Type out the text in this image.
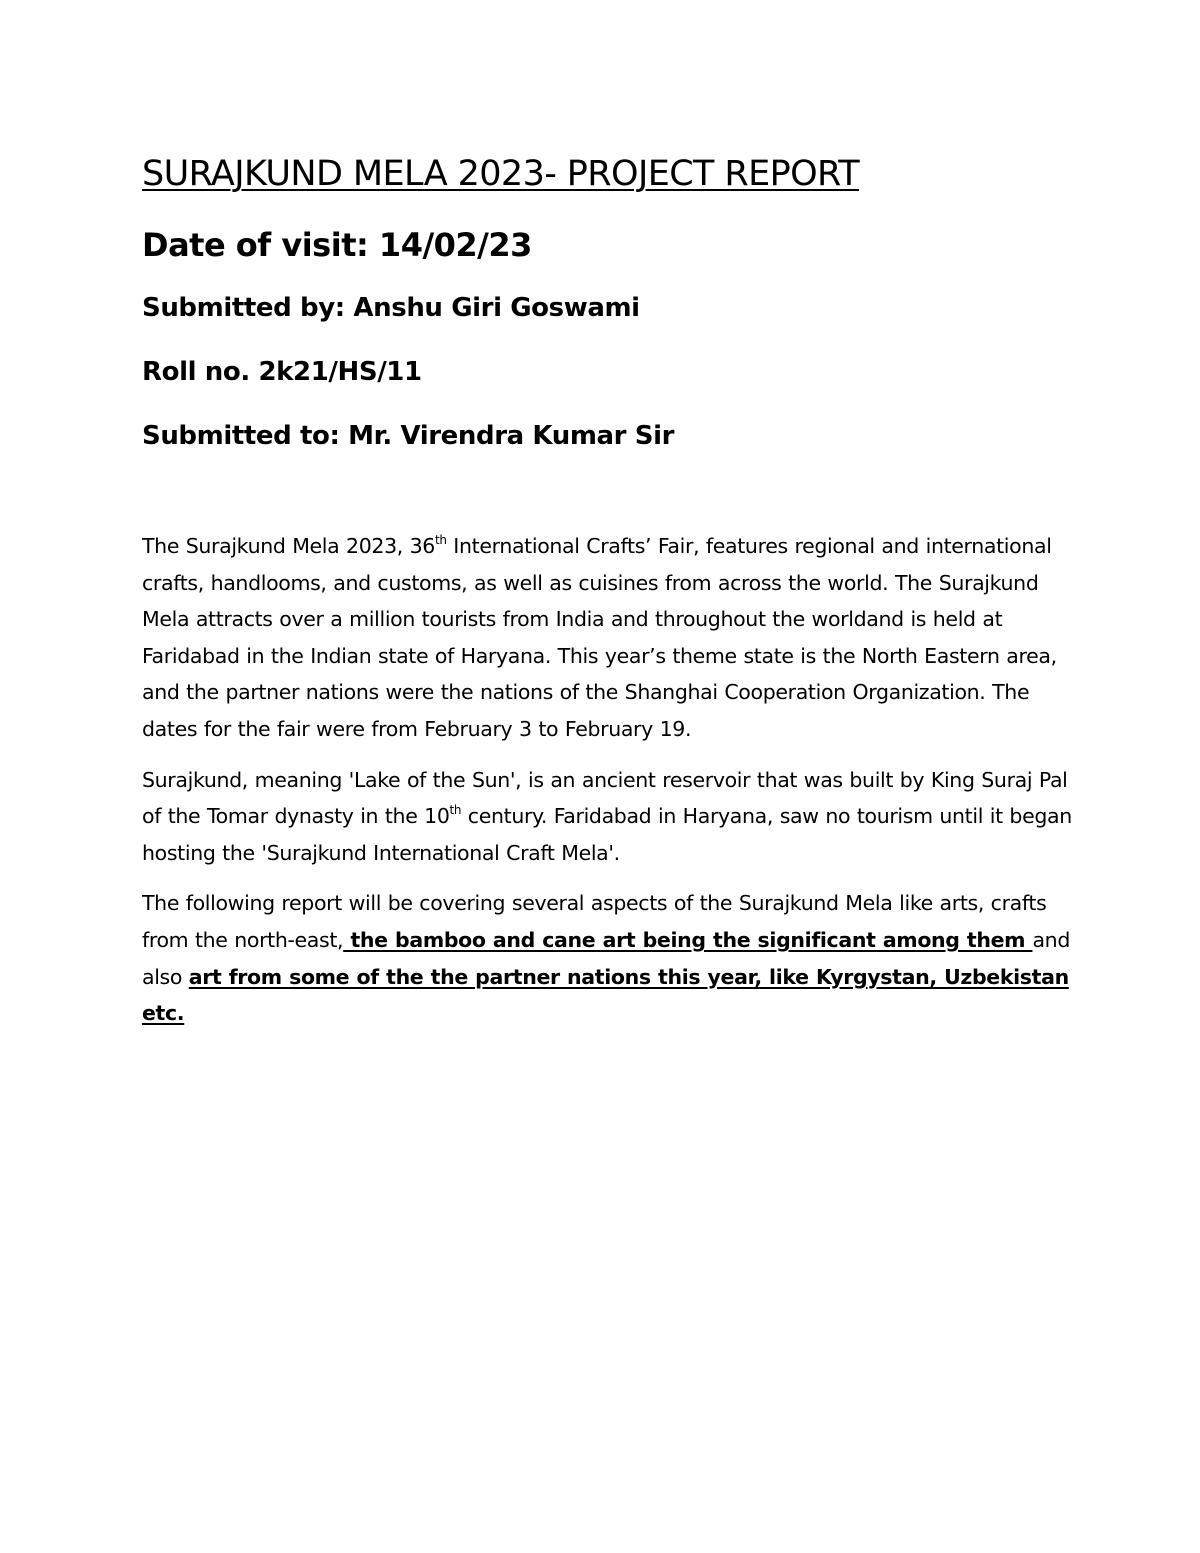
SURAJKUND MELA 2023- PROJECT REPORT
Date of visit: 14/02/23
Submitted by: Anshu Giri Goswami
Roll no. 2k21/HS/11
Submitted to: Mr. Virendra Kumar Sir

The Surajkund Mela 2023, 36th International Crafts’ Fair, features regional and international crafts, handlooms, and customs, as well as cuisines from across the world. The Surajkund Mela attracts over a million tourists from India and throughout the worldand is held at Faridabad in the Indian state of Haryana. This year’s theme state is the North Eastern area, and the partner nations were the nations of the Shanghai Cooperation Organization. The dates for the fair were from February 3 to February 19.

Surajkund, meaning 'Lake of the Sun', is an ancient reservoir that was built by King Suraj Pal of the Tomar dynasty in the 10th century. Faridabad in Haryana, saw no tourism until it began hosting the 'Surajkund International Craft Mela'.

The following report will be covering several aspects of the Surajkund Mela like arts, crafts from the north-east, the bamboo and cane art being the significant among them and also art from some of the the partner nations this year, like Kyrgystan, Uzbekistan etc.
